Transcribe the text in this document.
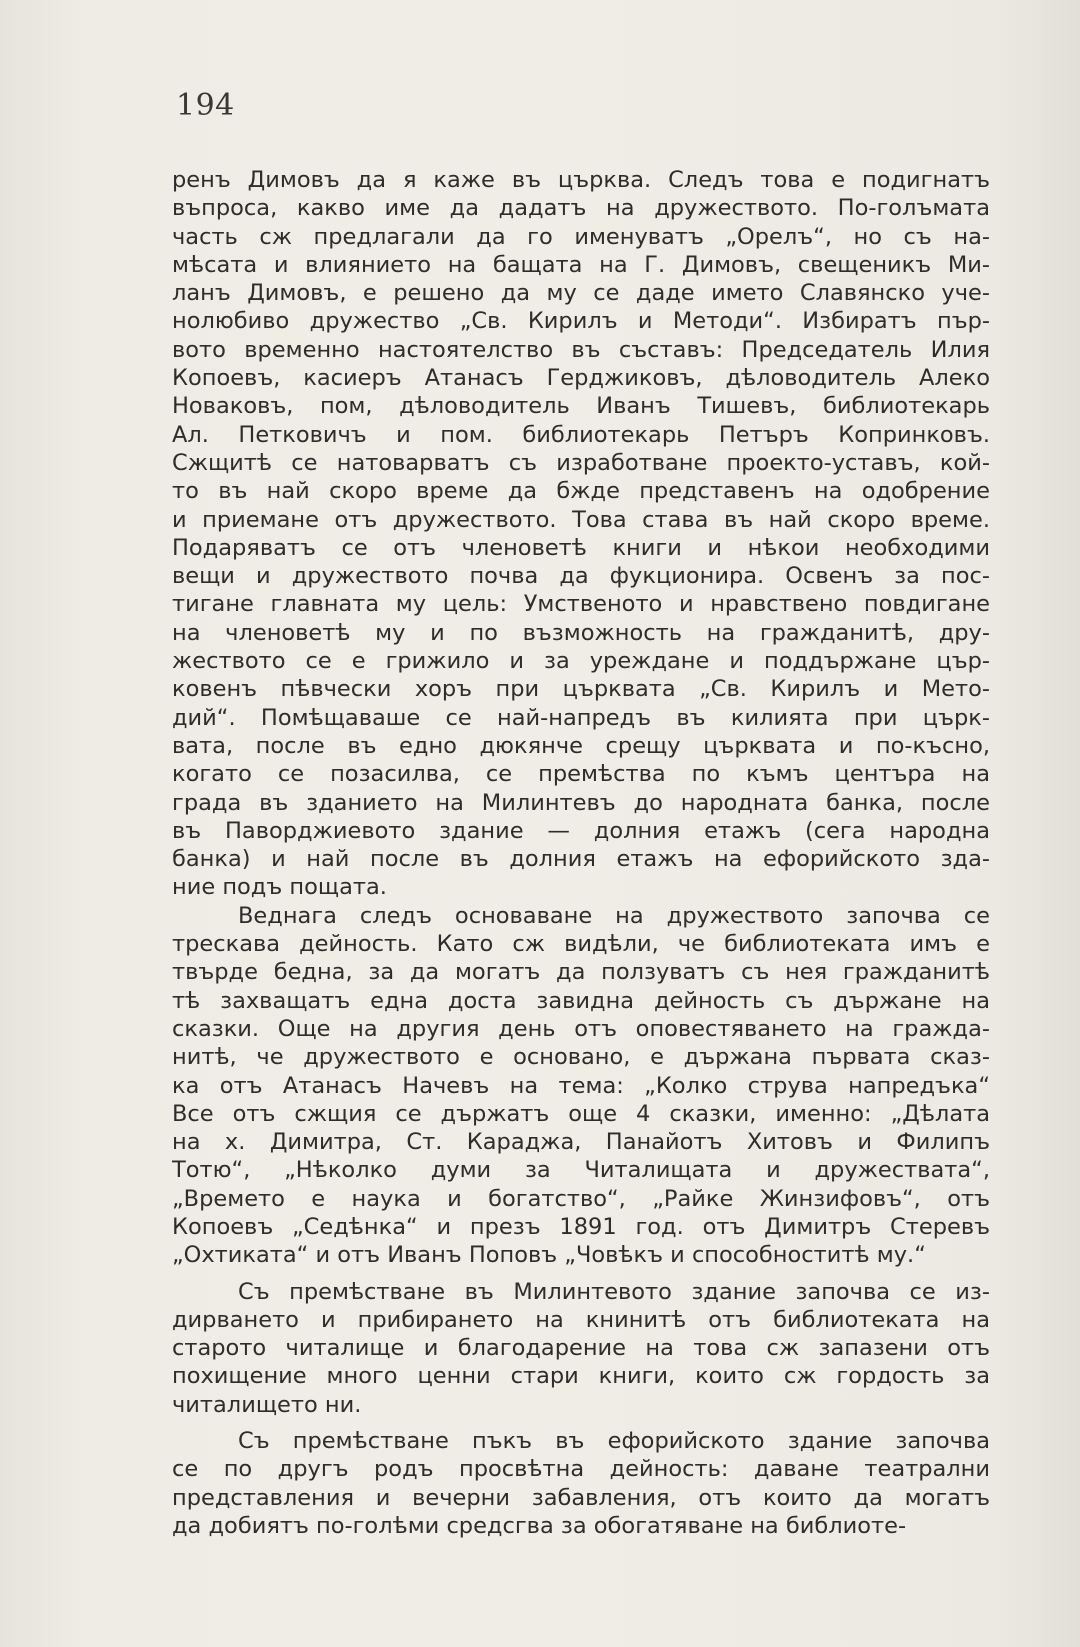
194
ренъ Димовъ да я каже въ църква. Следъ това е подигнатъ
въпроса, какво име да дадатъ на дружеството. По-голъмата
часть сж предлагали да го именуватъ „Орелъ“, но съ на-
мѣсата и влиянието на бащата на Г. Димовъ, свещеникъ Ми-
ланъ Димовъ, е решено да му се даде името Славянско уче-
нолюбиво дружество „Св. Кирилъ и Методи“. Избиратъ пър-
вото временно настоятелство въ съставъ: Председатель Илия
Копоевъ, касиеръ Атанасъ Герджиковъ, дѣловодитель Алеко
Новаковъ, пом, дѣловодитель Иванъ Тишевъ, библиотекарь
Ал. Петковичъ и пом. библиотекарь Петъръ Копринковъ.
Сжщитѣ се натоварватъ съ изработване проекто-уставъ, кой-
то въ най скоро време да бжде представенъ на одобрение
и приемане отъ дружеството. Това става въ най скоро време.
Подаряватъ се отъ членоветѣ книги и нѣкои необходими
вещи и дружеството почва да фукционира. Освенъ за пос-
тигане главната му цель: Умственото и нравствено повдигане
на членоветѣ му и по възможность на гражданитѣ, дру-
жеството се е грижило и за уреждане и поддържане цър-
ковенъ пѣвчески хоръ при църквата „Св. Кирилъ и Мето-
дий“. Помѣщаваше се най-напредъ въ килията при църк-
вата, после въ едно дюкянче срещу църквата и по-късно,
когато се позасилва, се премѣства по къмъ центъра на
града въ зданието на Милинтевъ до народната банка, после
въ Паворджиевото здание — долния етажъ (сега народна
банка) и най после въ долния етажъ на ефорийското зда-
ние подъ пощата.
Веднага следъ основаване на дружеството започва се
трескава дейность. Като сж видѣли, че библиотеката имъ е
твърде бедна, за да могатъ да ползуватъ съ нея гражданитѣ
тѣ захващатъ една доста завидна дейность съ държане на
сказки. Още на другия день отъ оповестяването на гражда-
нитѣ, че дружеството е основано, е държана първата сказ-
ка отъ Атанасъ Начевъ на тема: „Колко струва напредъка“
Все отъ сжщия се държатъ още 4 сказки, именно: „Дѣлата
на х. Димитра, Ст. Караджа, Панайотъ Хитовъ и Филипъ
Тотю“, „Нѣколко думи за Читалищата и дружествата“,
„Времето е наука и богатство“, „Райке Жинзифовъ“, отъ
Копоевъ „Седѣнка“ и презъ 1891 год. отъ Димитръ Стеревъ
„Охтиката“ и отъ Иванъ Поповъ „Човѣкъ и способноститѣ му.“
Съ премѣстване въ Милинтевото здание започва се из-
дирването и прибирането на книнитѣ отъ библиотеката на
старото читалище и благодарение на това сж запазени отъ
похищение много ценни стари книги, които сж гордость за
читалището ни.
Съ премѣстване пъкъ въ ефорийското здание започва
се по другъ родъ просвѣтна дейность: даване театрални
представления и вечерни забавления, отъ които да могатъ
да добиятъ по-голѣми средсгва за обогатяване на библиоте-
